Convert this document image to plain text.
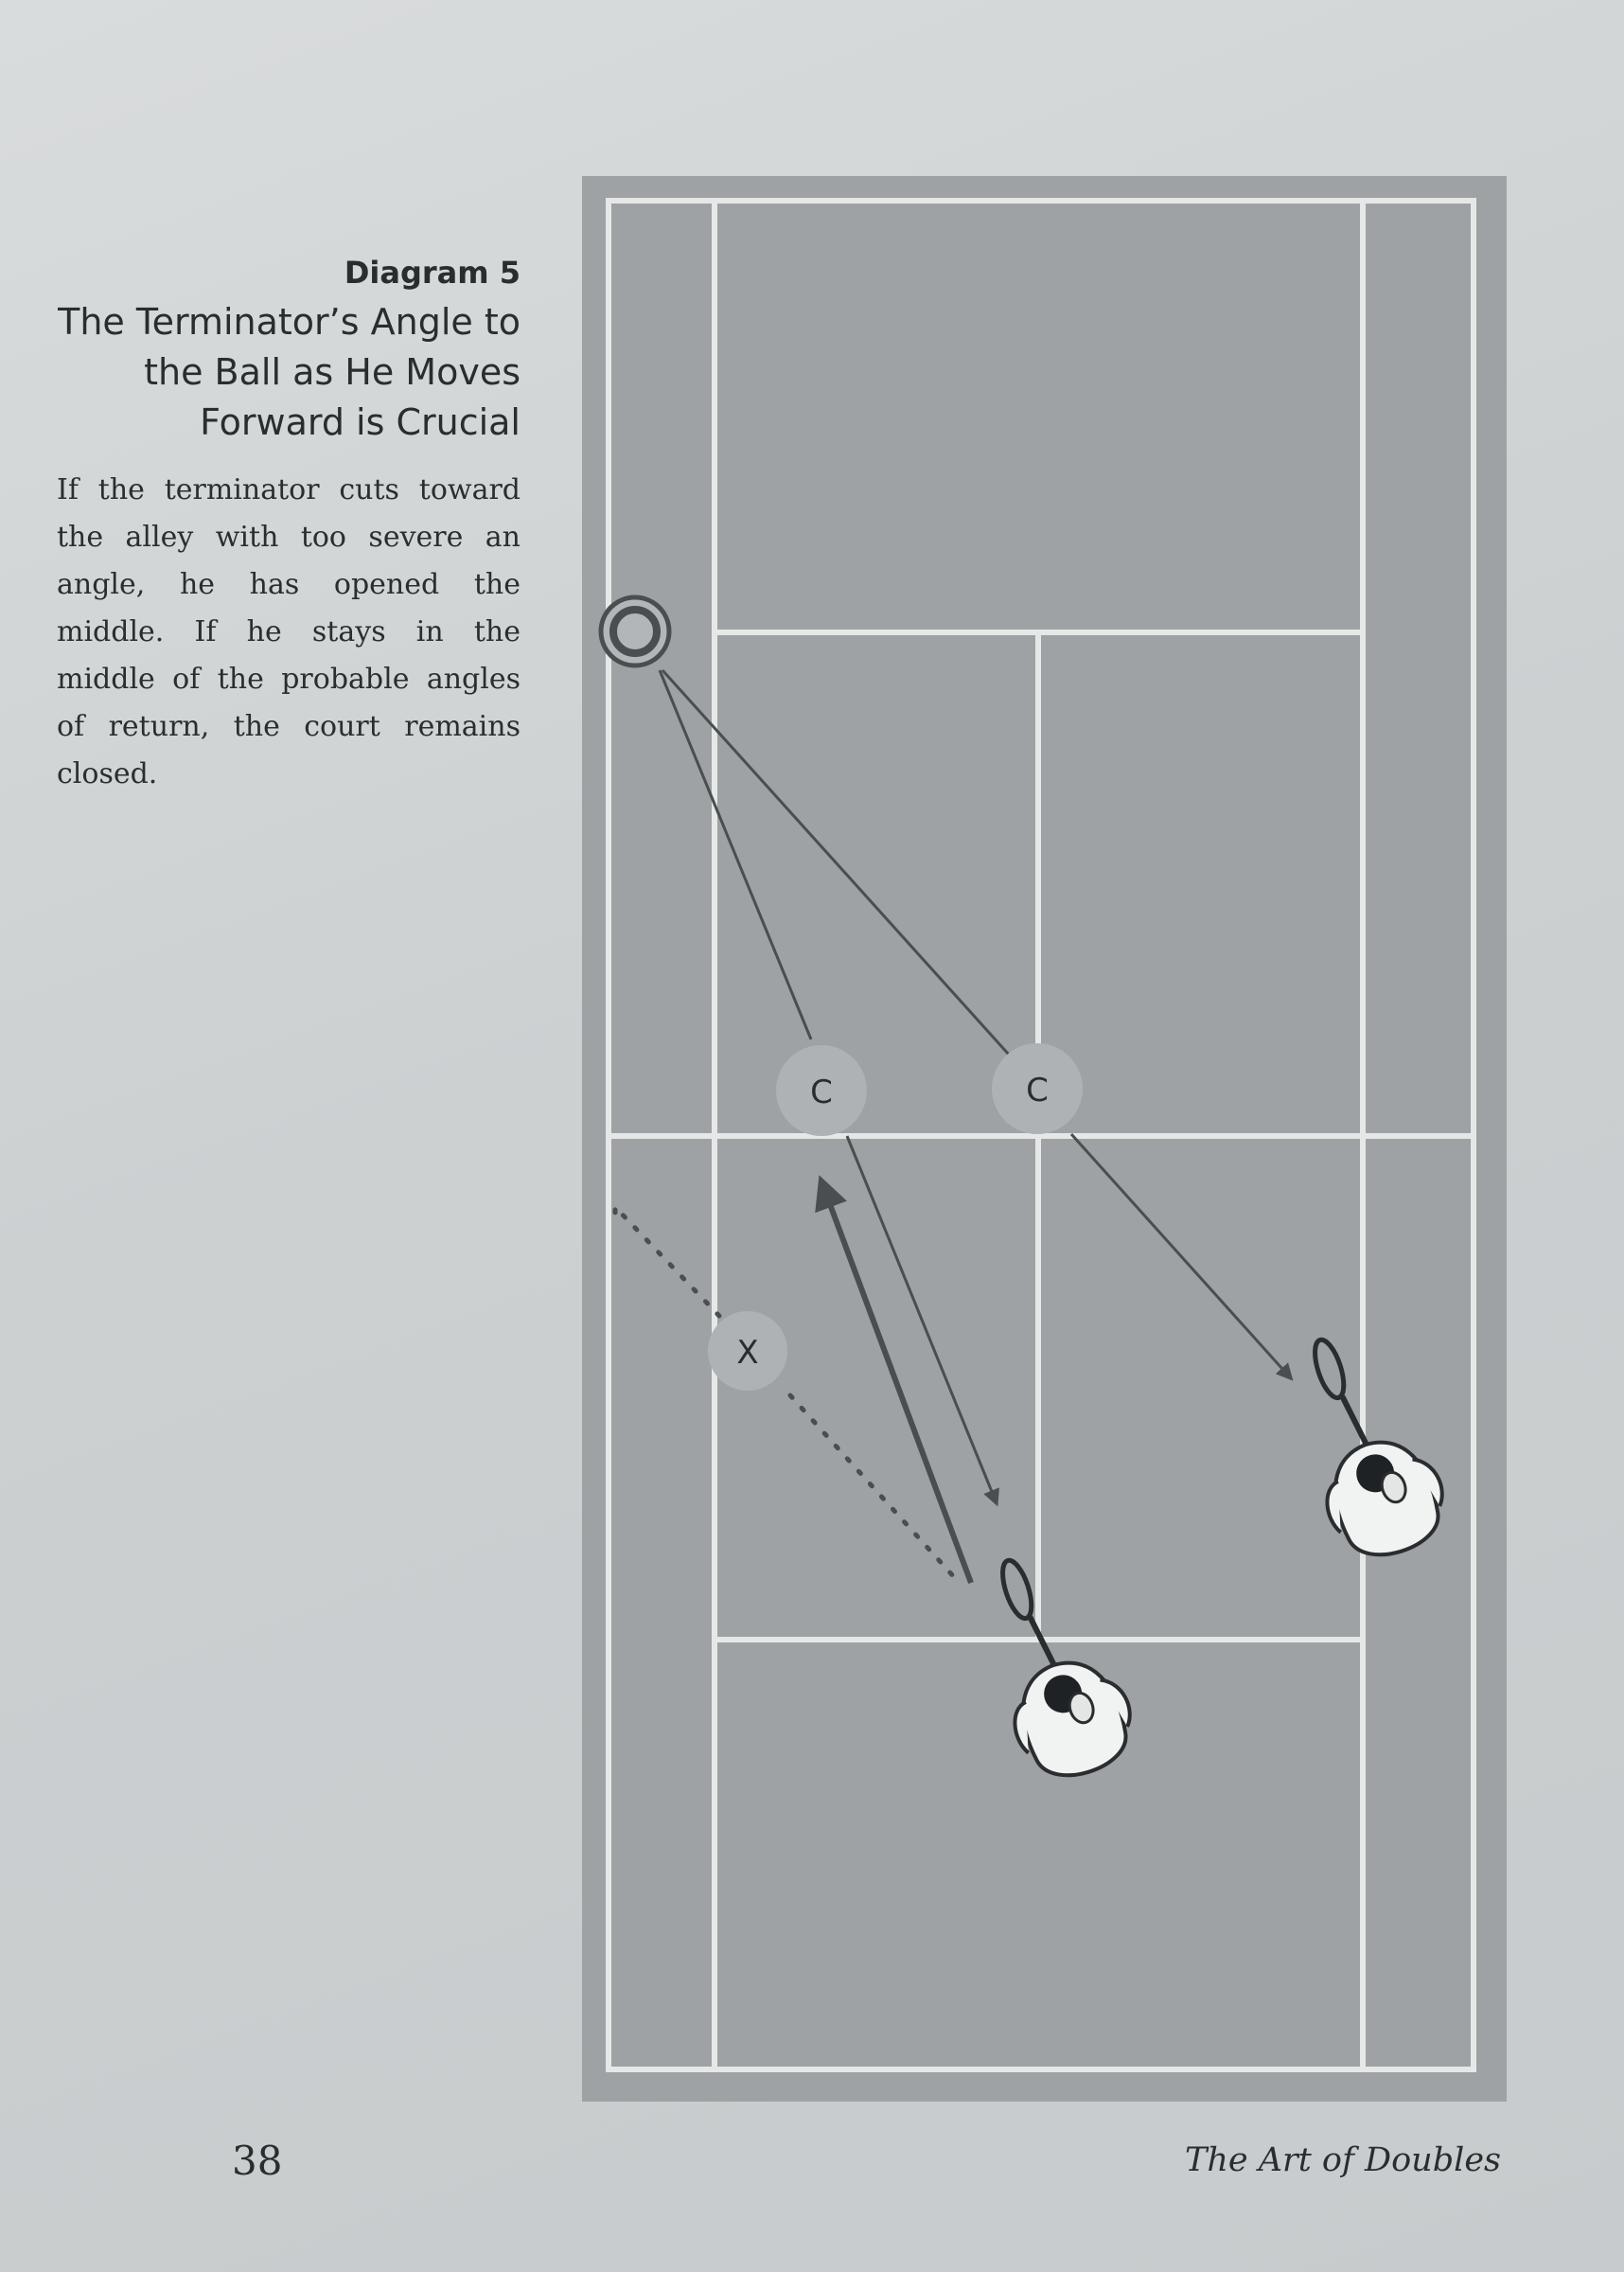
Diagram 5
The Terminator’s Angle to the Ball as He Moves Forward is Crucial
If the terminator cuts toward the alley with too severe an angle, he has opened the middle. If he stays in the middle of the probable angles of return, the court remains closed.
C	C
X
38	The Art of Doubles
